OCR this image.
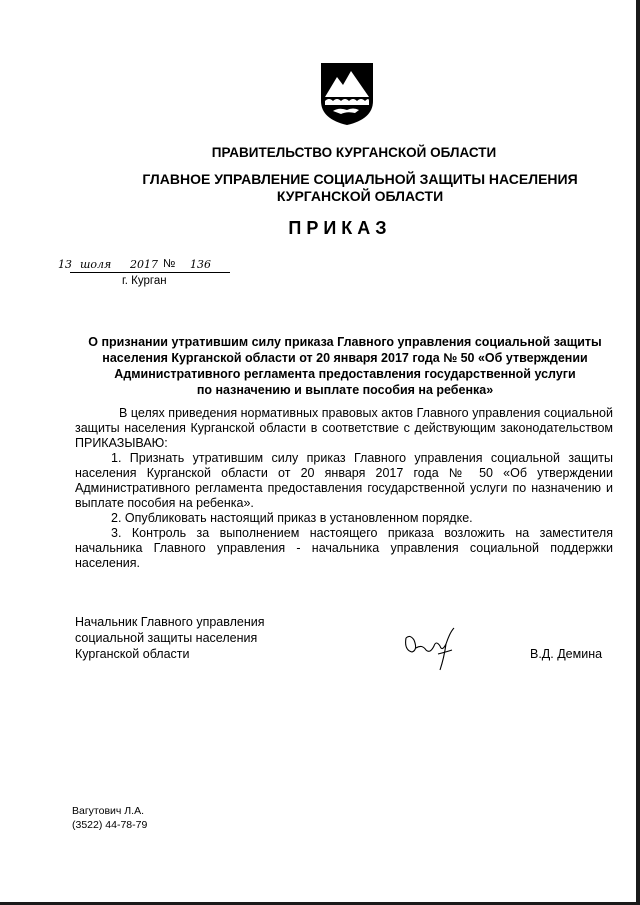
ПРАВИТЕЛЬСТВО КУРГАНСКОЙ ОБЛАСТИ
ГЛАВНОЕ УПРАВЛЕНИЕ СОЦИАЛЬНОЙ ЗАЩИТЫ НАСЕЛЕНИЯ
КУРГАНСКОЙ ОБЛАСТИ
ПРИКАЗ
13 шоля 2017 № 136
г. Курган
О признании утратившим силу приказа Главного управления социальной защиты
населения Курганской области от 20 января 2017 года № 50 «Об утверждении
Административного регламента предоставления государственной услуги
по назначению и выплате пособия на ребенка»

В целях приведения нормативных правовых актов Главного управления социальной защиты населения Курганской области в соответствие с действующим законодательством ПРИКАЗЫВАЮ:

1. Признать утратившим силу приказ Главного управления социальной защиты населения Курганской области от 20 января 2017 года № 50 «Об утверждении Административного регламента предоставления государственной услуги по назначению и выплате пособия на ребенка».

2. Опубликовать настоящий приказ в установленном порядке.

3. Контроль за выполнением настоящего приказа возложить на заместителя начальника Главного управления - начальника управления социальной поддержки населения.

Начальник Главного управления
социальной защиты населения
Курганской области	В.Д. Демина
Вагутович Л.А.
(3522) 44-78-79
